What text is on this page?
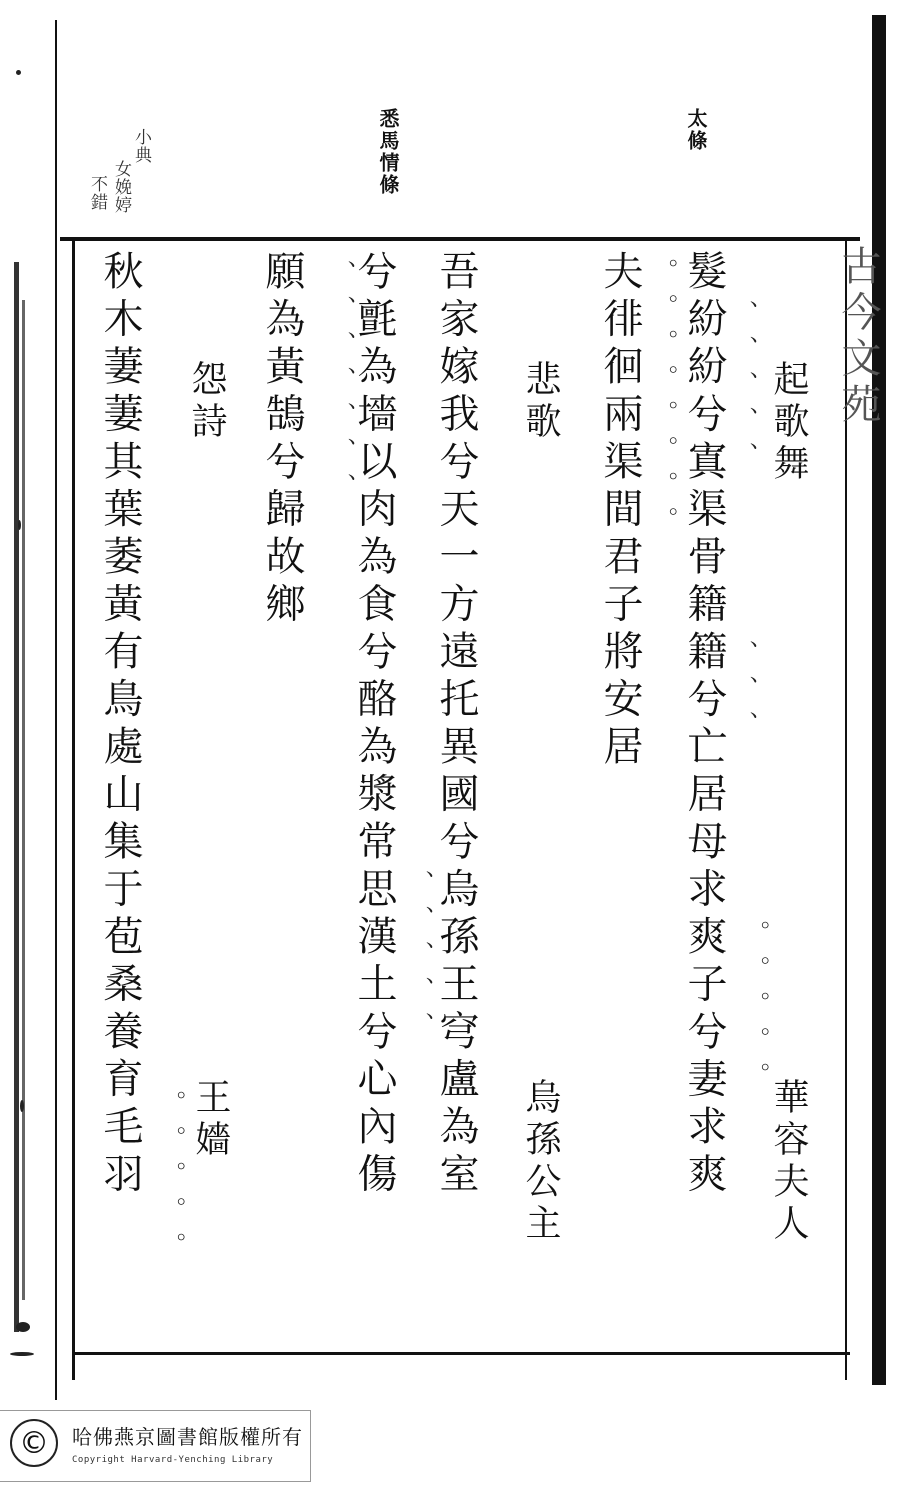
太條
悉馬情條
小典
女娩婷
不錯
古今文苑
夫徘徊兩渠間君子將安居 髮紛紛兮寘渠骨籍籍兮亡居母求爽子兮妻求爽 起歌舞
華容夫人
悲歌
烏孫公主
吾家嫁我兮天一方遠托異國兮烏孫王穹盧為室
兮氈為墻以肉為食兮酪為漿常思漢土兮心內傷
願為黃鵠兮歸故鄉
怨詩
王嬙
秋木萋萋其葉萎黃有鳥處山集于苞桑養育毛羽	。。。。。。。。 、、、、、
、、、
。。。。。
、、、、、、、
、、、、、
。。。。。
©	哈佛燕京圖書館版權所有
Copyright Harvard-Yenching Library
